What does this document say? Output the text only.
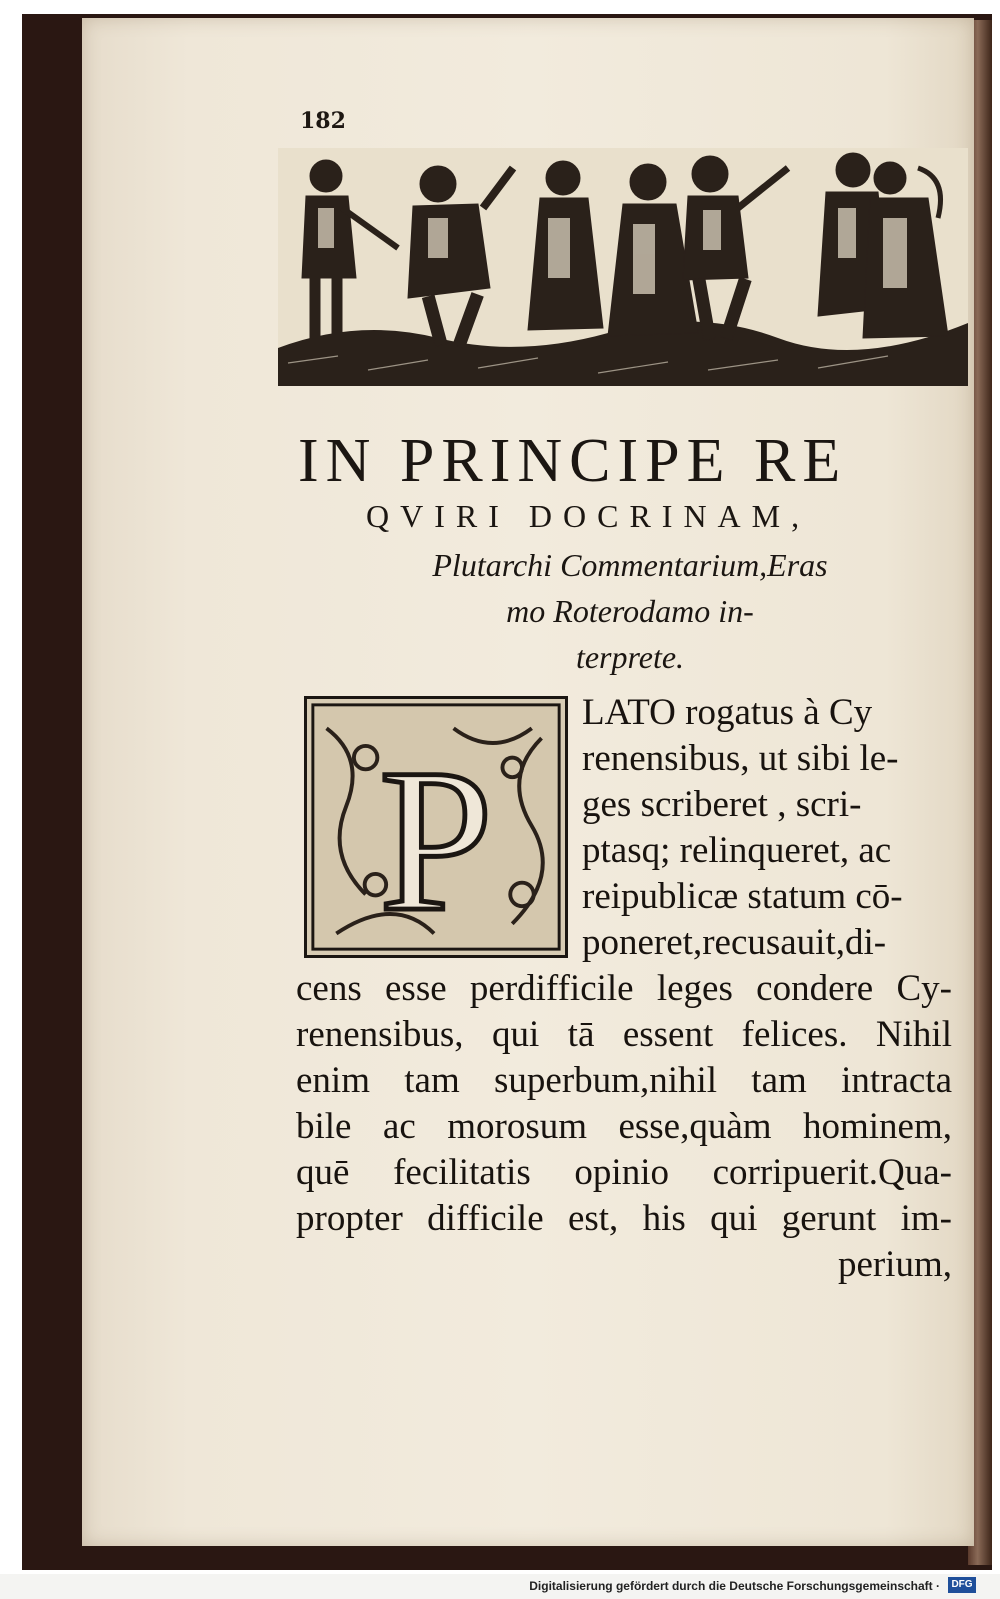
182
IN PRINCIPE RE
QVIRI DOCRINAM,
Plutarchi Commentarium,Eras
mo Roterodamo in-
terprete.
P
LATO rogatus à Cy
renensibus, ut sibi le-
ges scriberet , scri-
ptasq; relinqueret, ac
reipublicæ statum cō-
poneret,recusauit,di-
cens esse perdifficile leges condere Cy-
renensibus, qui tā essent felices. Nihil
enim tam superbum,nihil tam intracta
bile ac morosum esse,quàm hominem,
quē fecilitatis opinio corripuerit.Qua-
propter difficile est, his qui gerunt im-
perium,
Digitalisierung gefördert durch die Deutsche Forschungsgemeinschaft ·	DFG
